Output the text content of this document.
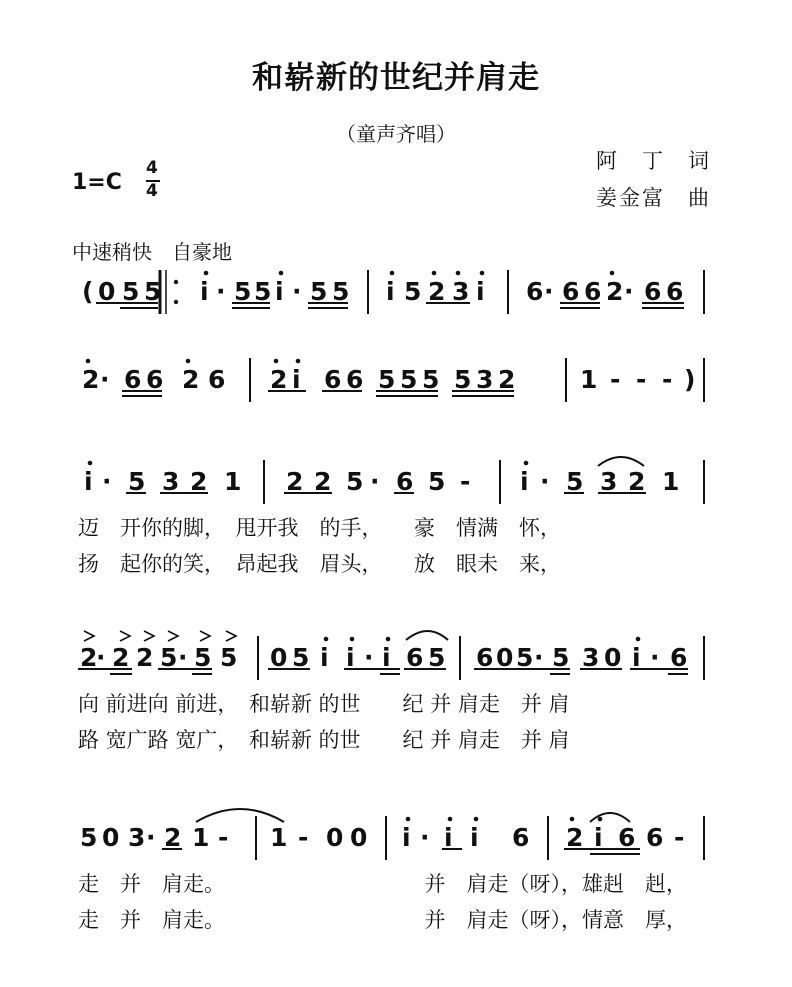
和崭新的世纪并肩走
（童声齐唱）
阿　丁　词
姜金富　曲
1=C
4
4
中速稍快　自豪地
迈　开你的脚，　甩开我　的手，　　豪　情满　怀，
扬　起你的笑，　昂起我　眉头，　　放　眼未　来，
向 前进向 前进，　和崭新 的世　　纪 并 肩走　并 肩
路 宽广路 宽广，　和崭新 的世　　纪 并 肩走　并 肩
走　并　肩走。　　　　　　　　　　并　肩走（呀），雄赳　赳，
走　并　肩走。　　　　　　　　　　并　肩走（呀），情意　厚，
( 0 5 5 i · 5 5 i · 5 5 i 5 2 3 i 6 · 6 6 2 · 6 6
2 · 6 6 2 6 2 i 6 6 5 5 5 5 3 2	1 - - - )
i · 5 3 2 1 2 2 5 · 6 5 - i · 5 3 2 1
2
· 2 2 5 · 5 5 0 5 i i · i 6 5 6 0 5 · 5 3 0 i · 6
5 0 3 · 2 1 - 1 - 0 0 i · i i 6 2 i 6 6 -
